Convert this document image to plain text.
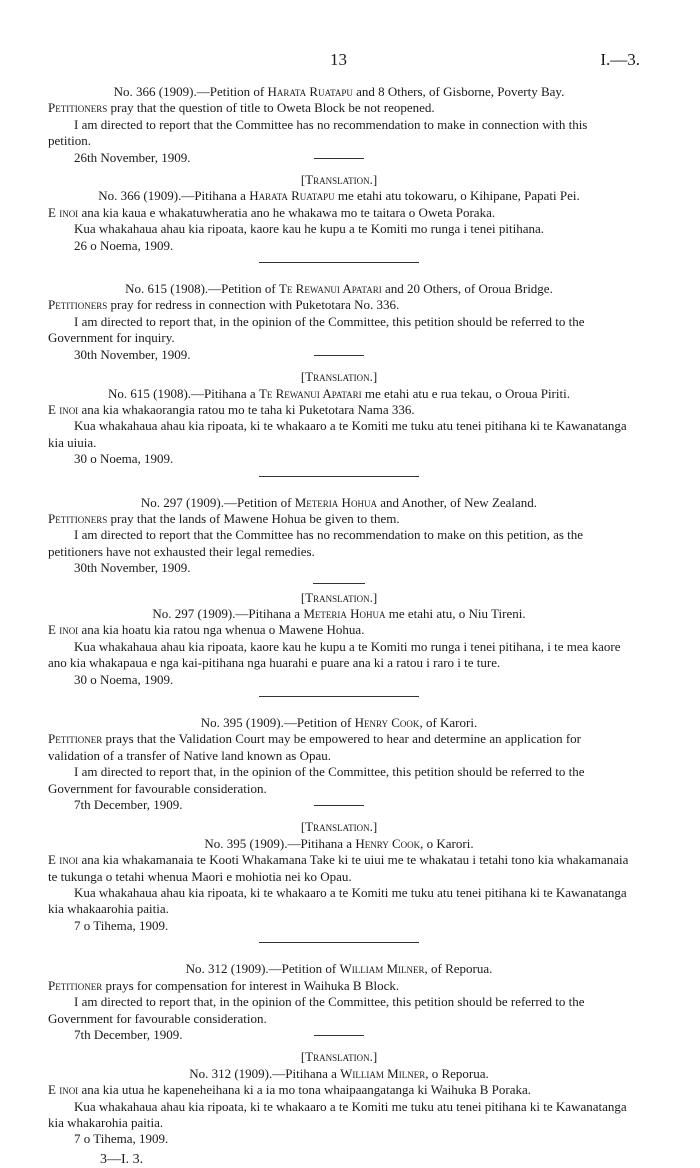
13	I.—3.

No. 366 (1909).—Petition of Harata Ruatapu and 8 Others, of Gisborne, Poverty Bay.

Petitioners pray that the question of title to Oweta Block be not reopened.

I am directed to report that the Committee has no recommendation to make in connection with this petition.

26th November, 1909.

[Translation.]

No. 366 (1909).—Pitihana a Harata Ruatapu me etahi atu tokowaru, o Kihipane, Papati Pei.

E inoi ana kia kaua e whakatuwheratia ano he whakawa mo te taitara o Oweta Poraka.

Kua whakahaua ahau kia ripoata, kaore kau he kupu a te Komiti mo runga i tenei pitihana.

26 o Noema, 1909.

No. 615 (1908).—Petition of Te Rewanui Apatari and 20 Others, of Oroua Bridge.

Petitioners pray for redress in connection with Puketotara No. 336.

I am directed to report that, in the opinion of the Committee, this petition should be referred to the Government for inquiry.

30th November, 1909.

[Translation.]

No. 615 (1908).—Pitihana a Te Rewanui Apatari me etahi atu e rua tekau, o Oroua Piriti.

E inoi ana kia whakaorangia ratou mo te taha ki Puketotara Nama 336.

Kua whakahaua ahau kia ripoata, ki te whakaaro a te Komiti me tuku atu tenei pitihana ki te Kawanatanga kia uiuia.

30 o Noema, 1909.

No. 297 (1909).—Petition of Meteria Hohua and Another, of New Zealand.

Petitioners pray that the lands of Mawene Hohua be given to them.

I am directed to report that the Committee has no recommendation to make on this petition, as the petitioners have not exhausted their legal remedies.

30th November, 1909.

[Translation.]

No. 297 (1909).—Pitihana a Meteria Hohua me etahi atu, o Niu Tireni.

E inoi ana kia hoatu kia ratou nga whenua o Mawene Hohua.

Kua whakahaua ahau kia ripoata, kaore kau he kupu a te Komiti mo runga i tenei pitihana, i te mea kaore ano kia whakapaua e nga kai-pitihana nga huarahi e puare ana ki a ratou i raro i te ture.

30 o Noema, 1909.

No. 395 (1909).—Petition of Henry Cook, of Karori.

Petitioner prays that the Validation Court may be empowered to hear and determine an application for validation of a transfer of Native land known as Opau.

I am directed to report that, in the opinion of the Committee, this petition should be referred to the Government for favourable consideration.

7th December, 1909.

[Translation.]

No. 395 (1909).—Pitihana a Henry Cook, o Karori.

E inoi ana kia whakamanaia te Kooti Whakamana Take ki te uiui me te whakatau i tetahi tono kia whakamanaia te tukunga o tetahi whenua Maori e mohiotia nei ko Opau.

Kua whakahaua ahau kia ripoata, ki te whakaaro a te Komiti me tuku atu tenei pitihana ki te Kawanatanga kia whakaarohia paitia.

7 o Tihema, 1909.

No. 312 (1909).—Petition of William Milner, of Reporua.

Petitioner prays for compensation for interest in Waihuka B Block.

I am directed to report that, in the opinion of the Committee, this petition should be referred to the Government for favourable consideration.

7th December, 1909.

[Translation.]

No. 312 (1909).—Pitihana a William Milner, o Reporua.

E inoi ana kia utua he kapeneheihana ki a ia mo tona whaipaangatanga ki Waihuka B Poraka.

Kua whakahaua ahau kia ripoata, ki te whakaaro a te Komiti me tuku atu tenei pitihana ki te Kawanatanga kia whakarohia paitia.

7 o Tihema, 1909.

3—I. 3.
